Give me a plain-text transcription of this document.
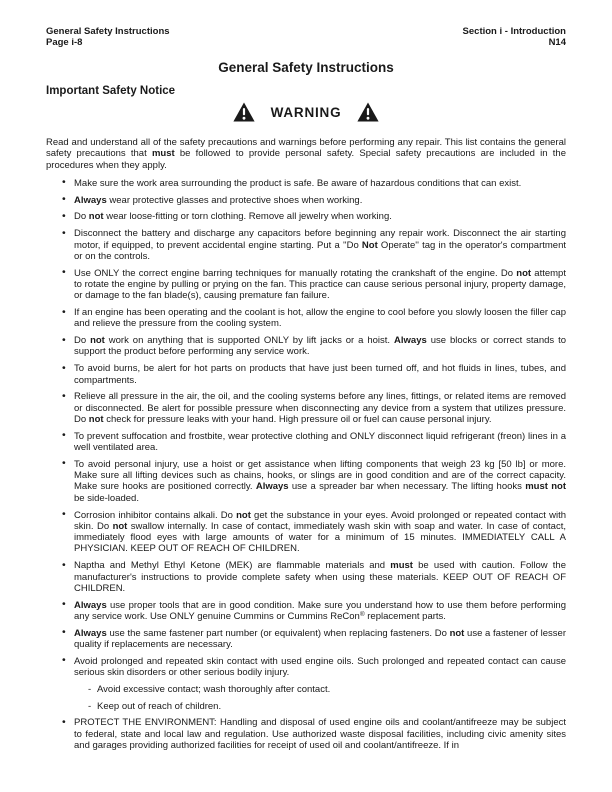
General Safety Instructions
Page i-8
Section i - Introduction
N14
General Safety Instructions
Important Safety Notice
WARNING

Read and understand all of the safety precautions and warnings before performing any repair. This list contains the general safety precautions that must be followed to provide personal safety. Special safety precautions are included in the procedures when they apply.

• Make sure the work area surrounding the product is safe. Be aware of hazardous conditions that can exist.
• Always wear protective glasses and protective shoes when working.
• Do not wear loose-fitting or torn clothing. Remove all jewelry when working.
• Disconnect the battery and discharge any capacitors before beginning any repair work. Disconnect the air starting motor, if equipped, to prevent accidental engine starting. Put a ''Do Not Operate'' tag in the operator's compartment or on the controls.
• Use ONLY the correct engine barring techniques for manually rotating the crankshaft of the engine. Do not attempt to rotate the engine by pulling or prying on the fan. This practice can cause serious personal injury, property damage, or damage to the fan blade(s), causing premature fan failure.
• If an engine has been operating and the coolant is hot, allow the engine to cool before you slowly loosen the filler cap and relieve the pressure from the cooling system.
• Do not work on anything that is supported ONLY by lift jacks or a hoist. Always use blocks or correct stands to support the product before performing any service work.
• To avoid burns, be alert for hot parts on products that have just been turned off, and hot fluids in lines, tubes, and compartments.
• Relieve all pressure in the air, the oil, and the cooling systems before any lines, fittings, or related items are removed or disconnected. Be alert for possible pressure when disconnecting any device from a system that utilizes pressure. Do not check for pressure leaks with your hand. High pressure oil or fuel can cause personal injury.
• To prevent suffocation and frostbite, wear protective clothing and ONLY disconnect liquid refrigerant (freon) lines in a well ventilated area.
• To avoid personal injury, use a hoist or get assistance when lifting components that weigh 23 kg [50 lb] or more. Make sure all lifting devices such as chains, hooks, or slings are in good condition and are of the correct capacity. Make sure hooks are positioned correctly. Always use a spreader bar when necessary. The lifting hooks must not be side-loaded.
• Corrosion inhibitor contains alkali. Do not get the substance in your eyes. Avoid prolonged or repeated contact with skin. Do not swallow internally. In case of contact, immediately wash skin with soap and water. In case of contact, immediately flood eyes with large amounts of water for a minimum of 15 minutes. IMMEDIATELY CALL A PHYSICIAN. KEEP OUT OF REACH OF CHILDREN.
• Naptha and Methyl Ethyl Ketone (MEK) are flammable materials and must be used with caution. Follow the manufacturer's instructions to provide complete safety when using these materials. KEEP OUT OF REACH OF CHILDREN.
• Always use proper tools that are in good condition. Make sure you understand how to use them before performing any service work. Use ONLY genuine Cummins or Cummins ReCon® replacement parts.
• Always use the same fastener part number (or equivalent) when replacing fasteners. Do not use a fastener of lesser quality if replacements are necessary.
• Avoid prolonged and repeated skin contact with used engine oils. Such prolonged and repeated contact can cause serious skin disorders or other serious bodily injury.
- Avoid excessive contact; wash thoroughly after contact.
- Keep out of reach of children.
• PROTECT THE ENVIRONMENT: Handling and disposal of used engine oils and coolant/antifreeze may be subject to federal, state and local law and regulation. Use authorized waste disposal facilities, including civic amenity sites and garages providing authorized facilities for receipt of used oil and coolant/antifreeze. If in
